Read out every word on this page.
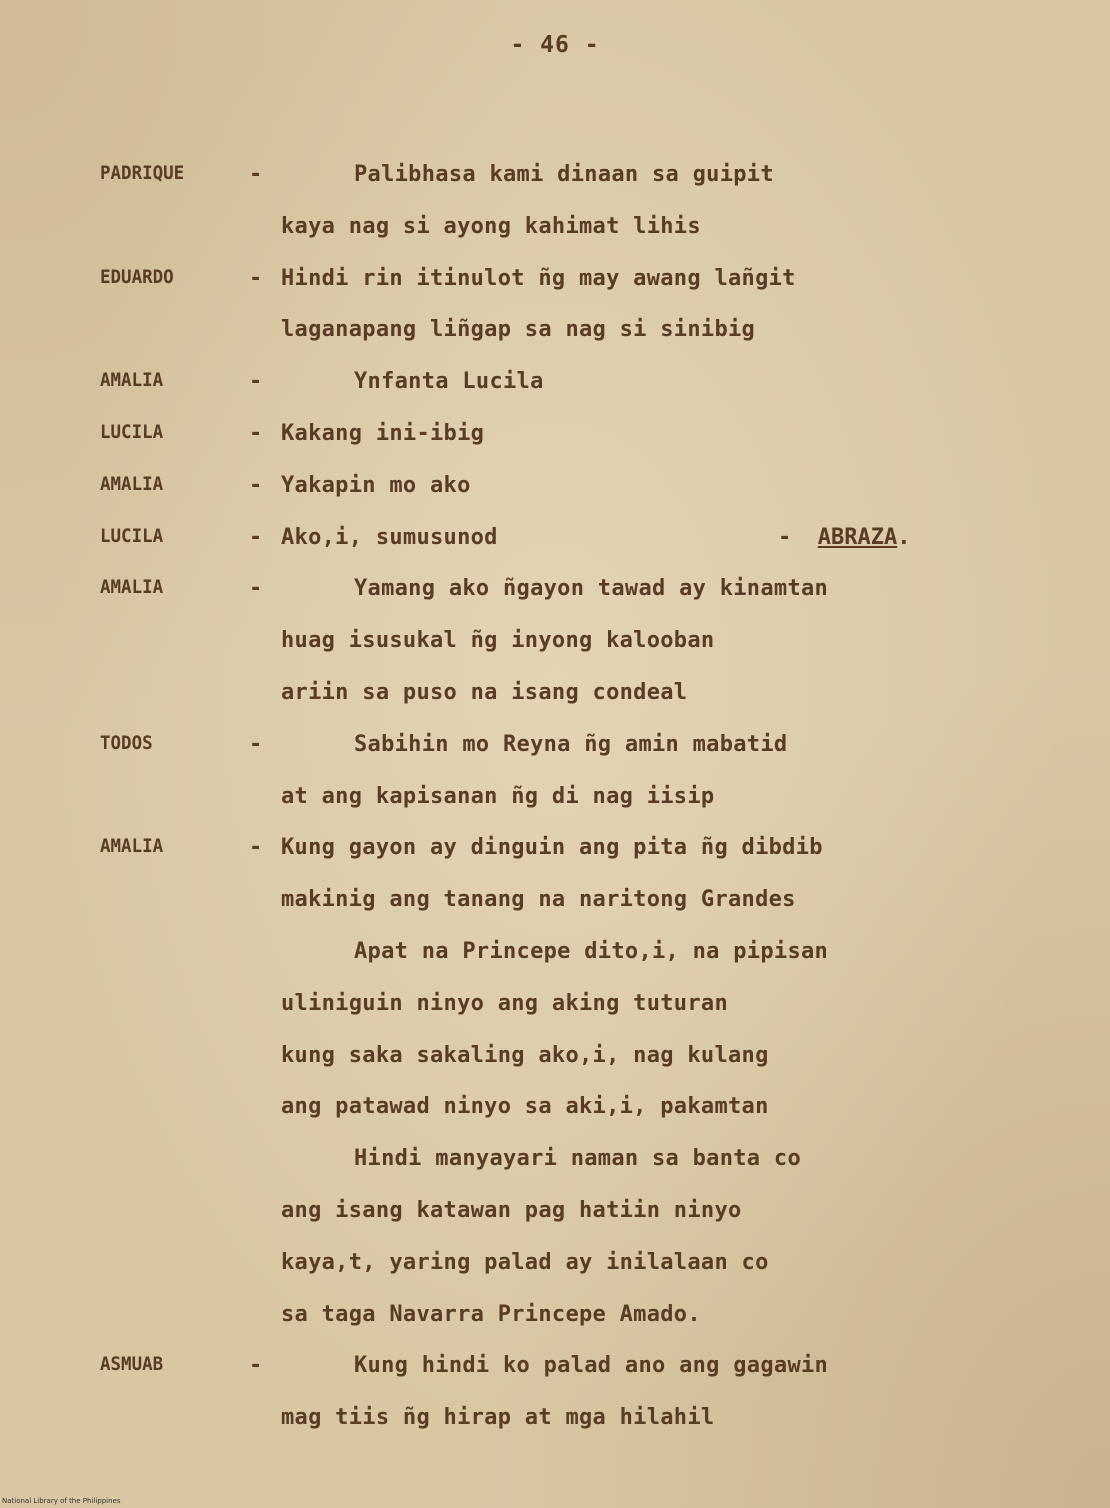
- 46 -
PADRIQUE	-	Palibhasa kami dinaan sa guipit
kaya nag si ayong kahimat lihis
EDUARDO	- Hindi rin itinulot ñg may awang lañgit
laganapang liñgap sa nag si sinibig
AMALIA	-	Ynfanta Lucila
LUCILA	- Kakang ini-ibig
AMALIA	- Yakapin mo ako
LUCILA	- Ako,i, sumusunod	-  ABRAZA.
AMALIA	-	Yamang ako ñgayon tawad ay kinamtan
huag isusukal ñg inyong kalooban
ariin sa puso na isang condeal
TODOS	-	Sabihin mo Reyna ñg amin mabatid
at ang kapisanan ñg di nag iisip
AMALIA	- Kung gayon ay dinguin ang pita ñg dibdib
makinig ang tanang na naritong Grandes
Apat na Princepe dito,i, na pipisan
uliniguin ninyo ang aking tuturan
kung saka sakaling ako,i, nag kulang
ang patawad ninyo sa aki,i, pakamtan
Hindi manyayari naman sa banta co
ang isang katawan pag hatiin ninyo
kaya,t, yaring palad ay inilalaan co
sa taga Navarra Princepe Amado.
ASMUAB	-	Kung hindi ko palad ano ang gagawin
mag tiis ñg hirap at mga hilahil
National Library of the Philippines
